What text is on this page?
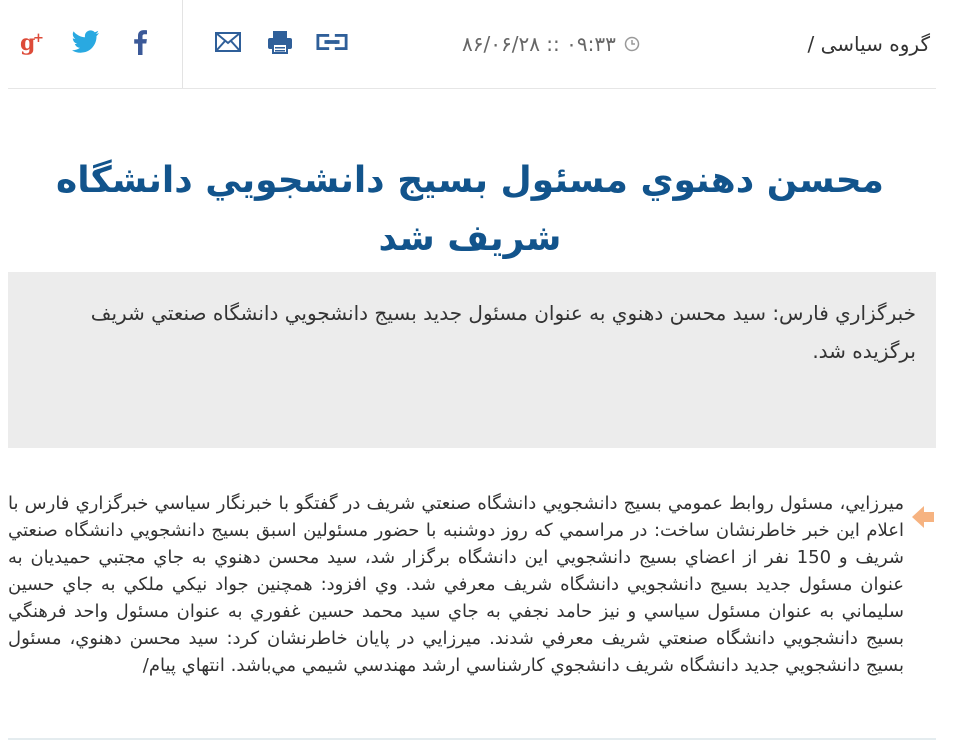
g
+	۸۶/۰۶/۲۸ :: ۰۹:۳۳	گروه سیاسی /
محسن دهنوي مسئول بسيج دانشجويي دانشگاه شريف شد

خبرگزاري فارس: سيد محسن دهنوي به عنوان مسئول جديد بسيج دانشجويي دانشگاه صنعتي شريف برگزيده شد.

ميرزايي، مسئول روابط عمومي بسيج دانشجويي دانشگاه صنعتي شريف در گفتگو با خبرنگار سياسي خبرگزاري فارس با اعلام اين خبر خاطرنشان ساخت: در مراسمي كه روز دوشنبه با حضور مسئولين اسبق بسيج دانشجويي دانشگاه صنعتي شريف و 150 نفر از اعضاي بسيج دانشجويي اين دانشگاه برگزار شد، سيد محسن دهنوي به جاي مجتبي حميديان به عنوان مسئول جديد بسيج دانشجويي دانشگاه شريف معرفي شد. وي افزود: همچنين جواد نيكي ملكي به جاي حسين سليماني به عنوان مسئول سياسي و نيز حامد نجفي به جاي سيد محمد حسين غفوري به عنوان مسئول واحد فرهنگي بسيج دانشجويي دانشگاه صنعتي شريف معرفي شدند. ميرزايي در پايان خاطرنشان كرد: سيد محسن دهنوي، مسئول بسيج دانشجويي جديد دانشگاه شريف دانشجوي كارشناسي ارشد مهندسي شيمي مي‌باشد. انتهاي پيام/
